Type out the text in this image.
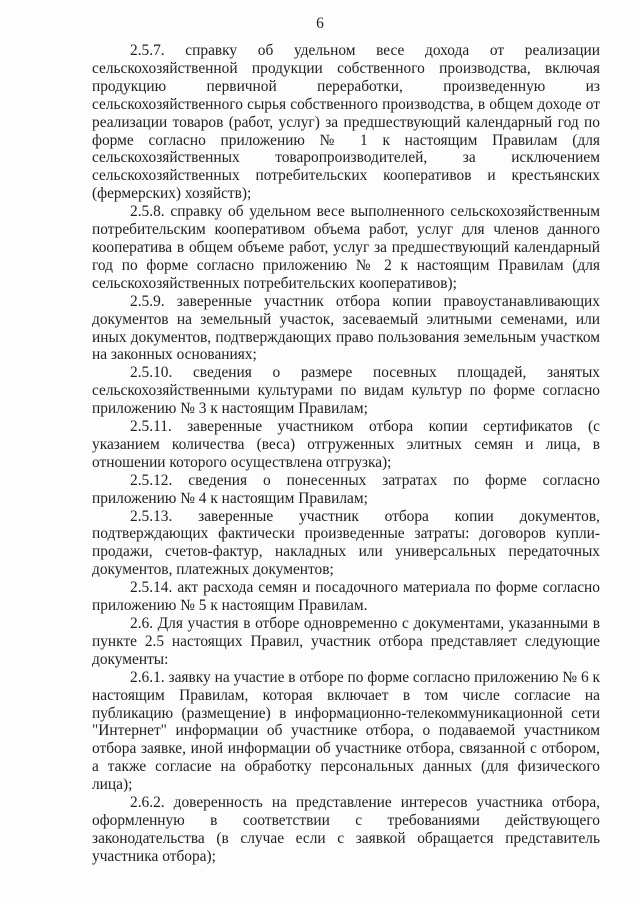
6

2.5.7. справку об удельном весе дохода от реализации сельскохозяйственной продукции собственного производства, включая продукцию первичной переработки, произведенную из сельскохозяйственного сырья собственного производства, в общем доходе от реализации товаров (работ, услуг) за предшествующий календарный год по форме согласно приложению № 1 к настоящим Правилам (для сельскохозяйственных товаропроизводителей, за исключением сельскохозяйственных потребительских кооперативов и крестьянских (фермерских) хозяйств);

2.5.8. справку об удельном весе выполненного сельскохозяйственным потребительским кооперативом объема работ, услуг для членов данного кооператива в общем объеме работ, услуг за предшествующий календарный год по форме согласно приложению № 2 к настоящим Правилам (для сельскохозяйственных потребительских кооперативов);

2.5.9. заверенные участник отбора копии правоустанавливающих документов на земельный участок, засеваемый элитными семенами, или иных документов, подтверждающих право пользования земельным участком на законных основаниях;

2.5.10. сведения о размере посевных площадей, занятых сельскохозяйственными культурами по видам культур по форме согласно приложению № 3 к настоящим Правилам;

2.5.11. заверенные участником отбора копии сертификатов (с указанием количества (веса) отгруженных элитных семян и лица, в отношении которого осуществлена отгрузка);

2.5.12. сведения о понесенных затратах по форме согласно приложению № 4 к настоящим Правилам;

2.5.13. заверенные участник отбора копии документов, подтверждающих фактически произведенные затраты: договоров купли-продажи, счетов-фактур, накладных или универсальных передаточных документов, платежных документов;

2.5.14. акт расхода семян и посадочного материала по форме согласно приложению № 5 к настоящим Правилам.

2.6. Для участия в отборе одновременно с документами, указанными в пункте 2.5 настоящих Правил, участник отбора представляет следующие документы:

2.6.1. заявку на участие в отборе по форме согласно приложению № 6 к настоящим Правилам, которая включает в том числе согласие на публикацию (размещение) в информационно-телекоммуникационной сети "Интернет" информации об участнике отбора, о подаваемой участником отбора заявке, иной информации об участнике отбора, связанной с отбором, а также согласие на обработку персональных данных (для физического лица);

2.6.2. доверенность на представление интересов участника отбора, оформленную в соответствии с требованиями действующего законодательства (в случае если с заявкой обращается представитель участника отбора);
